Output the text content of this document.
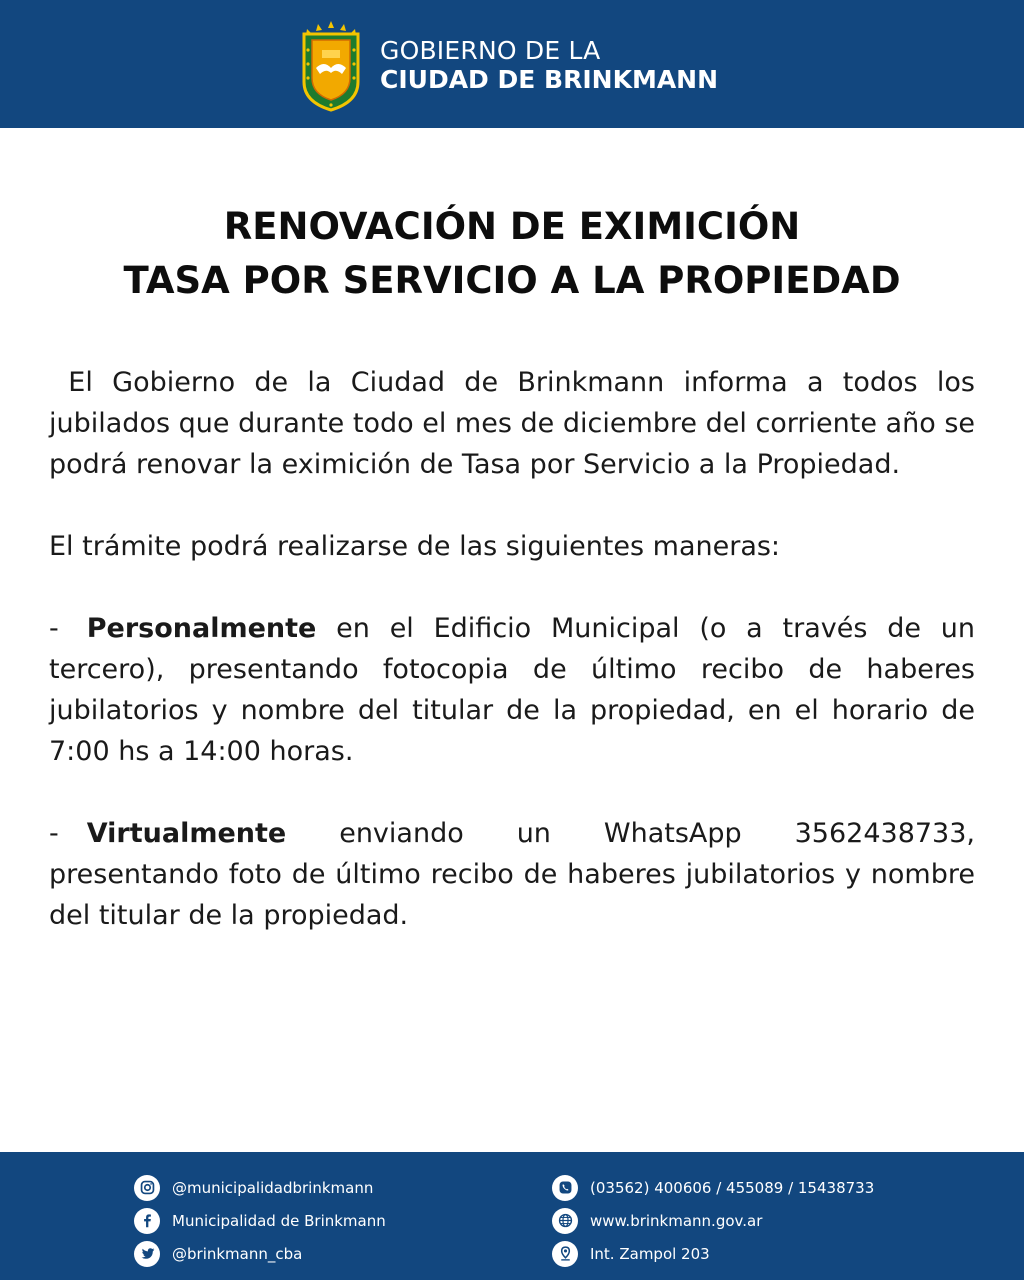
GOBIERNO DE LA
CIUDAD DE BRINKMANN
RENOVACIÓN DE EXIMICIÓN
TASA POR SERVICIO A LA PROPIEDAD

El Gobierno de la Ciudad de Brinkmann informa a todos los jubilados que durante todo el mes de diciembre del corriente año se podrá renovar la eximición de Tasa por Servicio a la Propiedad.

El trámite podrá realizarse de las siguientes maneras:

- Personalmente en el Edificio Municipal (o a través de un tercero), presentando fotocopia de último recibo de haberes jubilatorios y nombre del titular de la propiedad, en el horario de 7:00 hs a 14:00 horas.

- Virtualmente enviando un WhatsApp 3562438733, presentando foto de último recibo de haberes jubilatorios y nombre del titular de la propiedad.

@municipalidadbrinkmann
Municipalidad de Brinkmann
@brinkmann_cba
(03562) 400606 / 455089 / 15438733
www.brinkmann.gov.ar
Int. Zampol 203
